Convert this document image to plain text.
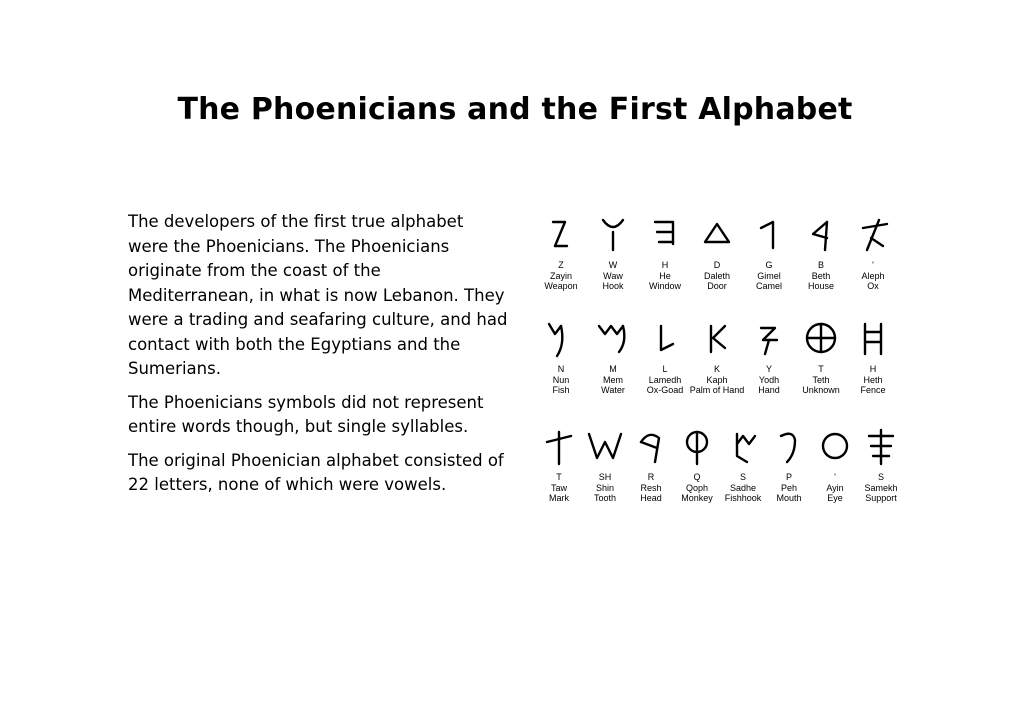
The Phoenicians and the First Alphabet

The developers of the first true alphabet were the Phoenicians. The Phoenicians originate from the coast of the Mediterranean, in what is now Lebanon. They were a trading and seafaring culture, and had contact with both the Egyptians and the Sumerians.

The Phoenicians symbols did not represent entire words though, but single syllables.

The original Phoenician alphabet consisted of 22 letters, none of which were vowels.

Z
Zayin
Weapon
W
Waw
Hook
H
He
Window
D
Daleth
Door
G
Gimel
Camel
B
Beth
House
'
Aleph
Ox
N
Nun
Fish
M
Mem
Water
L
Lamedh
Ox-Goad
K
Kaph
Palm of Hand
Y
Yodh
Hand
T
Teth
Unknown
H
Heth
Fence
T
Taw
Mark
SH
Shin
Tooth
R
Resh
Head
Q
Qoph
Monkey
S
Sadhe
Fishhook
P
Peh
Mouth
'
Ayin
Eye
S
Samekh
Support
